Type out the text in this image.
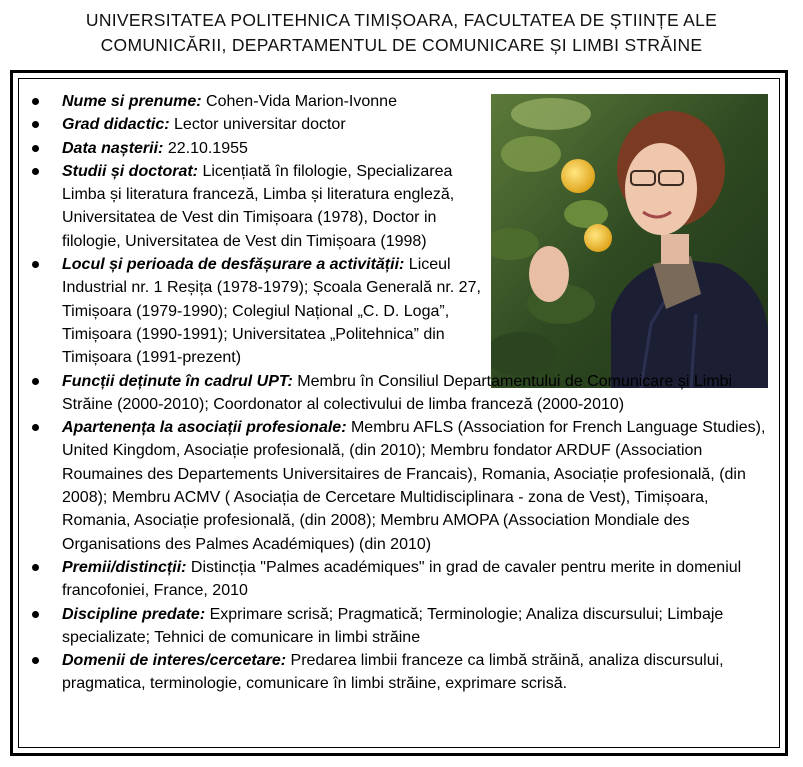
UNIVERSITATEA POLITEHNICA TIMIȘOARA, FACULTATEA DE ȘTIINȚE ALE
COMUNICĂRII, DEPARTAMENTUL DE COMUNICARE ȘI LIMBI STRĂINE
Nume si prenume: Cohen-Vida Marion-Ivonne
Grad didactic: Lector universitar doctor
Data nașterii: 22.10.1955
Studii și doctorat: Licențiată în filologie, Specializarea Limba și literatura franceză, Limba și literatura engleză, Universitatea de Vest din Timișoara (1978), Doctor in filologie, Universitatea de Vest din Timișoara (1998)
Locul și perioada de desfășurare a activității: Liceul Industrial nr. 1 Reșița (1978-1979); Școala Generală nr. 27, Timișoara (1979-1990); Colegiul Național „C. D. Loga”, Timișoara (1990-1991); Universitatea „Politehnica” din Timișoara (1991-prezent)
Funcții deținute în cadrul UPT: Membru în Consiliul Departamentului de Comunicare și Limbi Străine (2000-2010); Coordonator al colectivului de limba franceză (2000-2010)
Apartenența la asociații profesionale: Membru AFLS (Association for French Language Studies), United Kingdom, Asociație profesională, (din 2010); Membru fondator ARDUF (Association Roumaines des Departements Universitaires de Francais), Romania, Asociație profesională, (din 2008); Membru ACMV ( Asociația de Cercetare Multidisciplinara - zona de Vest), Timișoara, Romania, Asociație profesională, (din 2008); Membru AMOPA (Association Mondiale des Organisations des Palmes Académiques) (din 2010)
Premii/distincții: Distincția "Palmes académiques" in grad de cavaler pentru merite in domeniul francofoniei, France, 2010
Discipline predate: Exprimare scrisă; Pragmatică; Terminologie; Analiza discursului; Limbaje specializate; Tehnici de comunicare in limbi străine
Domenii de interes/cercetare: Predarea limbii franceze ca limbă străină, analiza discursului, pragmatica, terminologie, comunicare în limbi străine, exprimare scrisă.
